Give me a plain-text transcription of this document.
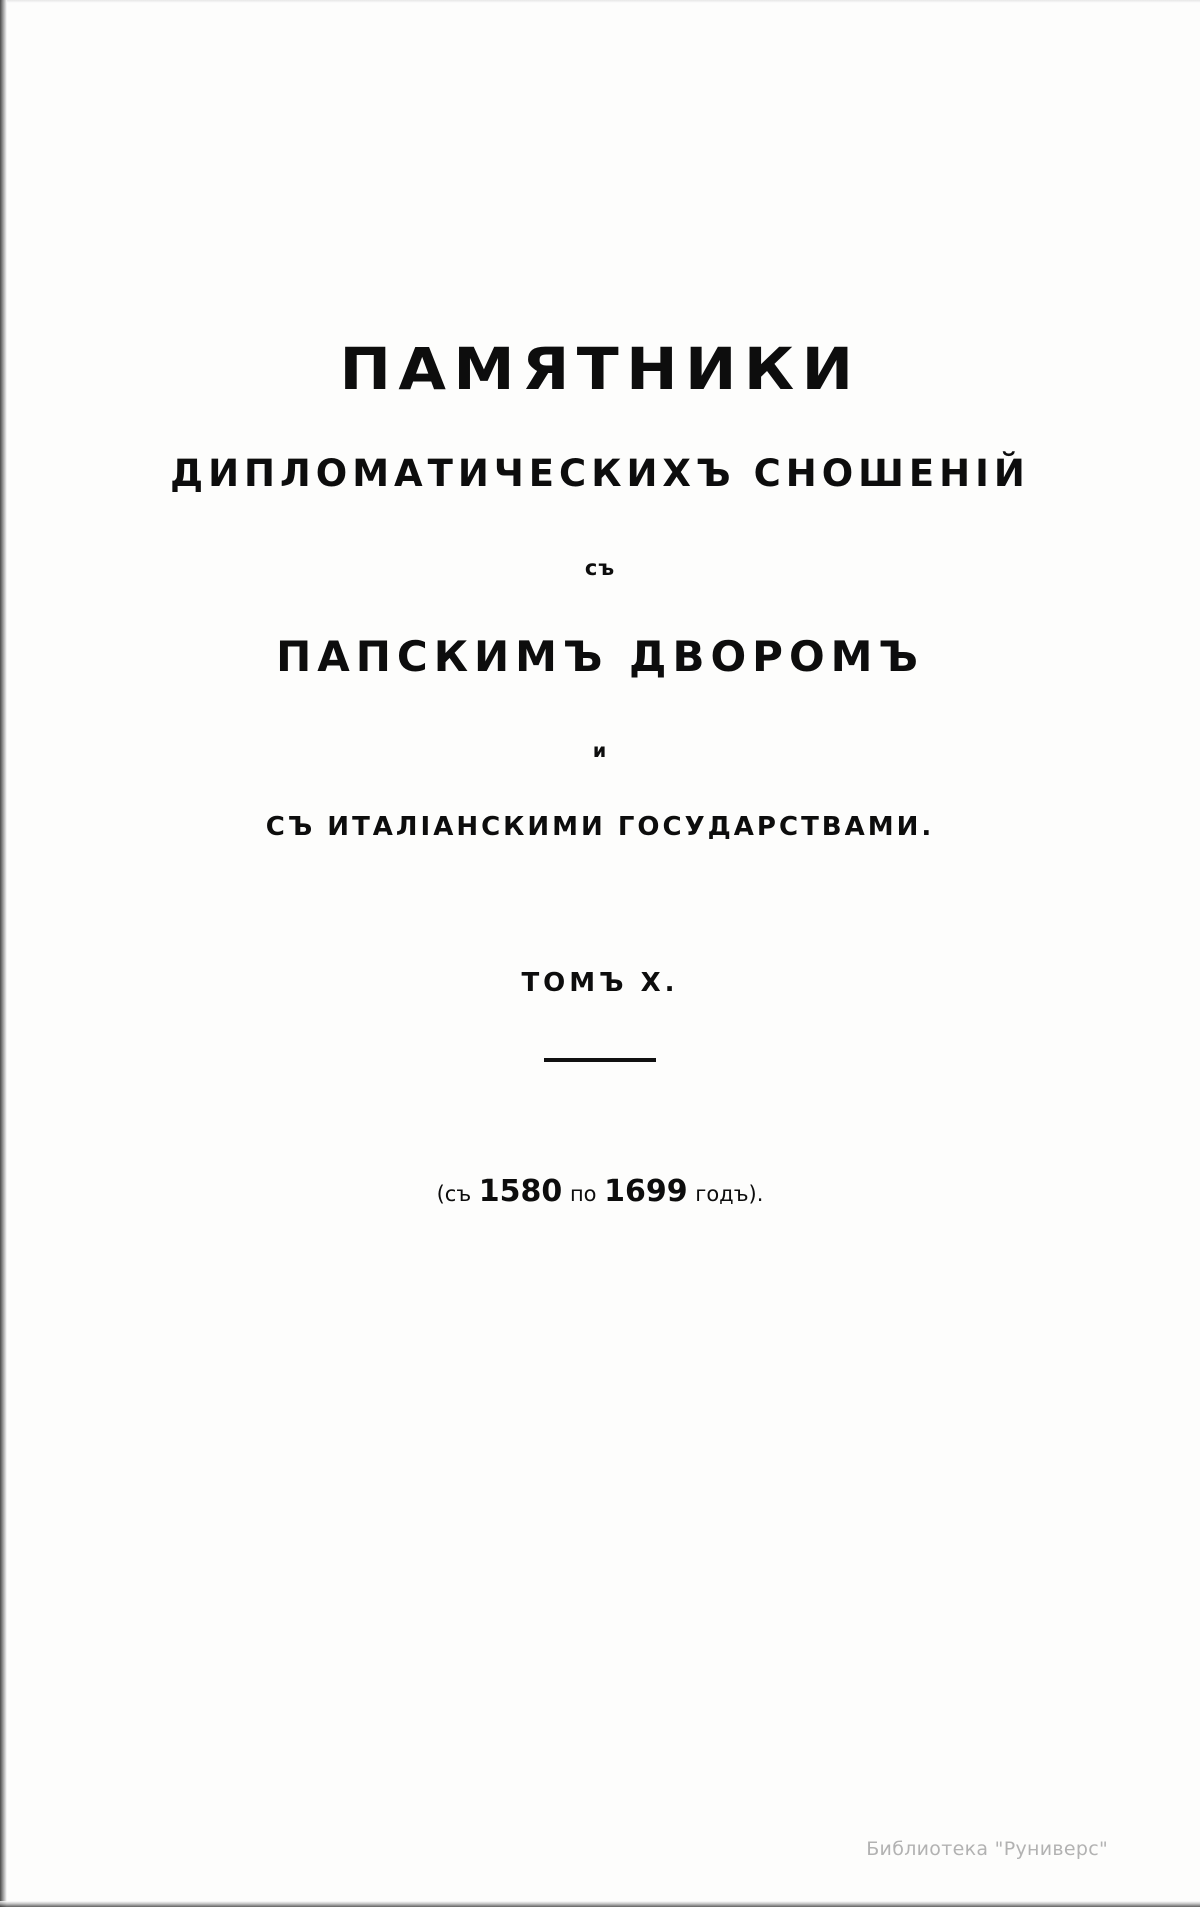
ПАМЯТНИКИ
ДИПЛОМАТИЧЕСКИХЪ СНОШЕНІЙ
съ
ПАПСКИМЪ ДВОРОМЪ
и
СЪ ИТАЛІАНСКИМИ ГОСУДАРСТВАМИ.
ТОМЪ X.
(съ 1580 по 1699 годъ).
Библиотека "Руниверс"
